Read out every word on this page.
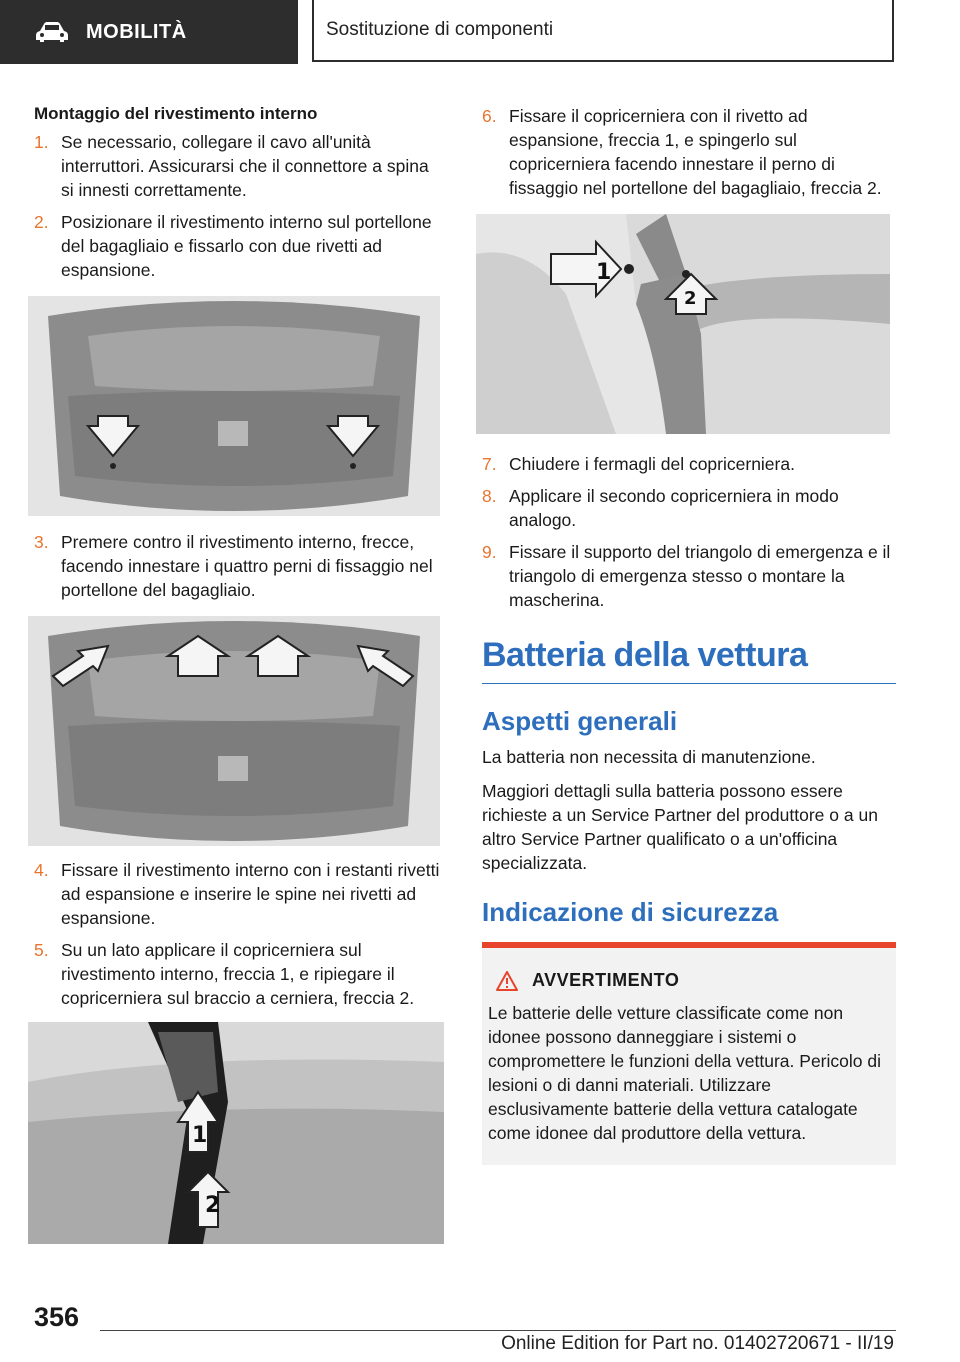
MOBILITÀ	Sostituzione di componenti
Montaggio del rivestimento interno
1. Se necessario, collegare il cavo all'unità interruttori. Assicurarsi che il connettore a spina si innesti correttamente.
2. Posizionare il rivestimento interno sul portellone del bagagliaio e fissarlo con due rivetti ad espansione.
3. Premere contro il rivestimento interno, frecce, facendo innestare i quattro perni di fissaggio nel portellone del bagagliaio.
4. Fissare il rivestimento interno con i restanti rivetti ad espansione e inserire le spine nei rivetti ad espansione.
5. Su un lato applicare il copricerniera sul rivestimento interno, freccia 1, e ripiegare il copricerniera sul braccio a cerniera, freccia 2.
1
2
6. Fissare il copricerniera con il rivetto ad espansione, freccia 1, e spingerlo sul copricerniera facendo innestare il perno di fissaggio nel portellone del bagagliaio, freccia 2.
1
2
7. Chiudere i fermagli del copricerniera.
8. Applicare il secondo copricerniera in modo analogo.
9. Fissare il supporto del triangolo di emergenza e il triangolo di emergenza stesso o montare la mascherina.
Batteria della vettura
Aspetti generali

La batteria non necessita di manutenzione.

Maggiori dettagli sulla batteria possono essere richieste a un Service Partner del produttore o a un altro Service Partner qualificato o a un'officina specializzata.

Indicazione di sicurezza
AVVERTIMENTO

Le batterie delle vetture classificate come non idonee possono danneggiare i sistemi o compromettere le funzioni della vettura. Pericolo di lesioni o di danni materiali. Utilizzare esclusivamente batterie della vettura catalogate come idonee dal produttore della vettura.

356
Online Edition for Part no. 01402720671 - II/19
